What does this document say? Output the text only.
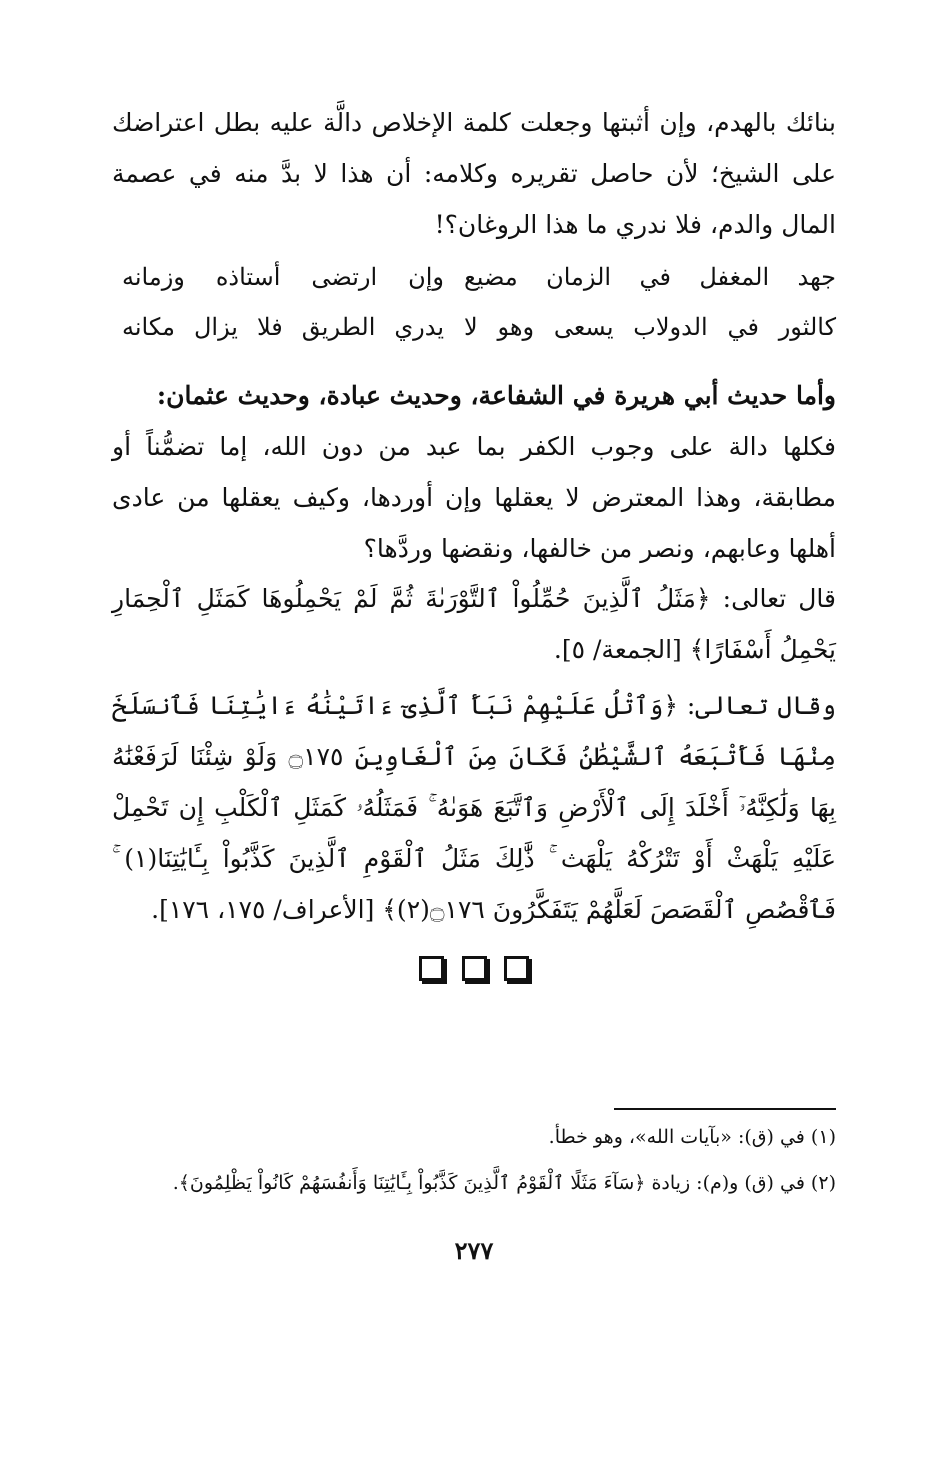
بنائك بالهدم، وإن أثبتها وجعلت كلمة الإخلاص دالَّة عليه بطل اعتراضك على الشيخ؛ لأن حاصل تقريره وكلامه: أن هذا لا بدَّ منه في عصمة المال والدم، فلا ندري ما هذا الروغان؟!

جهد المغفل في الزمان مضيع
وإن ارتضى أستاذه وزمانه
كالثور في الدولاب يسعى وهو لا
يدري الطريق فلا يزال مكانه

وأما حديث أبي هريرة في الشفاعة، وحديث عبادة، وحديث عثمان:

فكلها دالة على وجوب الكفر بما عبد من دون الله، إما تضمُّناً أو مطابقة، وهذا المعترض لا يعقلها وإن أوردها، وكيف يعقلها من عادى أهلها وعابهم، ونصر من خالفها، ونقضها وردَّها؟

قال تعالى: ﴿مَثَلُ ٱلَّذِينَ حُمِّلُواْ ٱلتَّوْرَىٰةَ ثُمَّ لَمْ يَحْمِلُوهَا كَمَثَلِ ٱلْحِمَارِ يَحْمِلُ أَسْفَارًا﴾ [الجمعة/ ٥].

وقال تعالى: ﴿وَٱتْلُ عَلَيْهِمْ نَبَأَ ٱلَّذِىٓ ءَاتَيْنَٰهُ ءَايَٰتِنَا فَٱنسَلَخَ مِنْهَا فَأَتْبَعَهُ ٱلشَّيْطَٰنُ فَكَانَ مِنَ ٱلْغَاوِينَ ۝١٧٥ وَلَوْ شِئْنَا لَرَفَعْنَٰهُ بِهَا وَلَٰكِنَّهُۥٓ أَخْلَدَ إِلَى ٱلْأَرْضِ وَٱتَّبَعَ هَوَىٰهُ ۚ فَمَثَلُهُۥ كَمَثَلِ ٱلْكَلْبِ إِن تَحْمِلْ عَلَيْهِ يَلْهَثْ أَوْ تَتْرُكْهُ يَلْهَث ۚ ذَّٰلِكَ مَثَلُ ٱلْقَوْمِ ٱلَّذِينَ كَذَّبُواْ بِـَٔايَٰتِنَا(١) ۚ فَٱقْصُصِ ٱلْقَصَصَ لَعَلَّهُمْ يَتَفَكَّرُونَ ۝١٧٦(٢)﴾ [الأعراف/ ١٧٥، ١٧٦].

(١) في (ق): «بآيات الله»، وهو خطأ.
(٢) في (ق) و(م): زيادة ﴿سَآءَ مَثَلًا ٱلْقَوْمُ ٱلَّذِينَ كَذَّبُواْ بِـَٔايَٰتِنَا وَأَنفُسَهُمْ كَانُواْ يَظْلِمُونَ﴾.
٢٧٧
